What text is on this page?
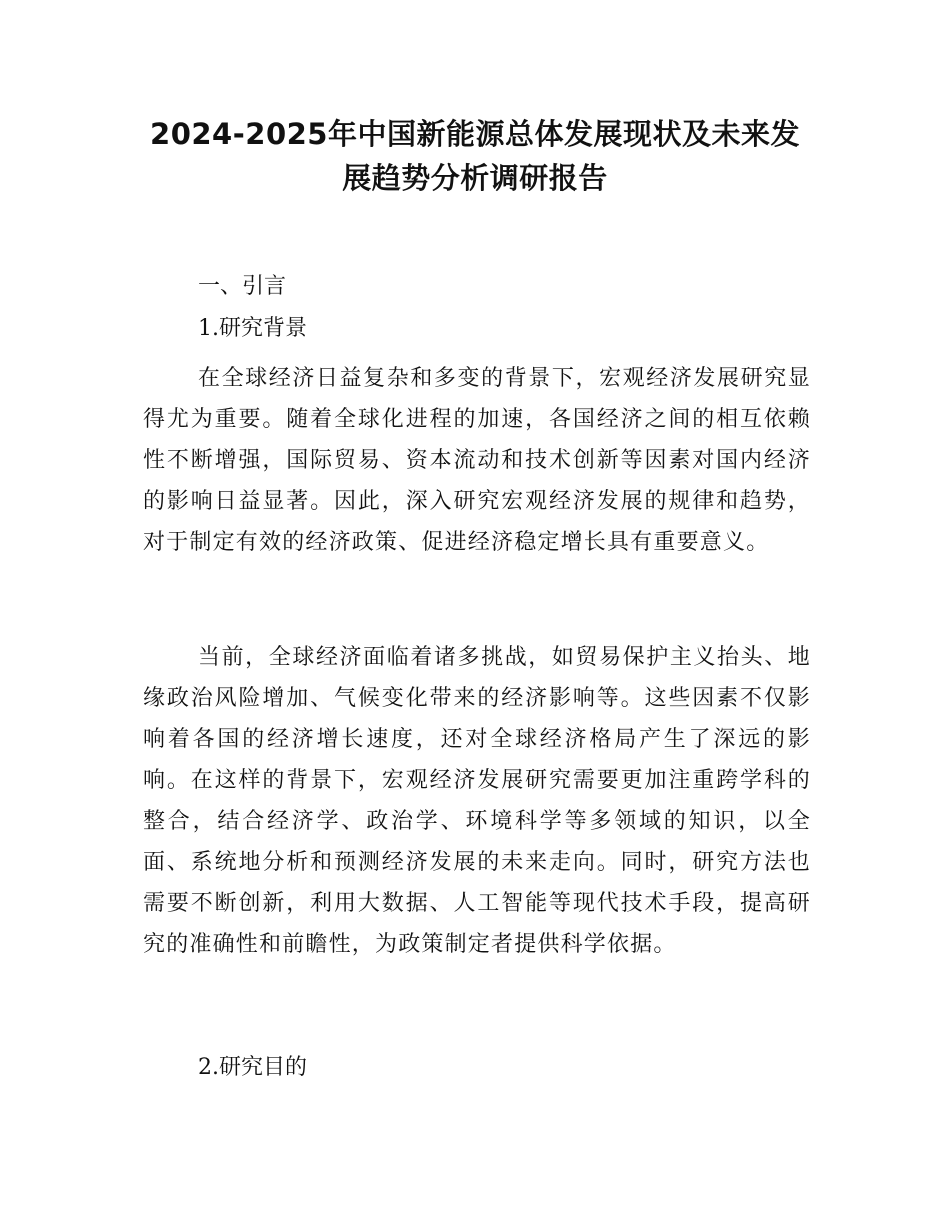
2024-2025年中国新能源总体发展现状及未来发
展趋势分析调研报告
一、引言
1.研究背景

在全球经济日益复杂和多变的背景下，宏观经济发展研究显得尤为重要。随着全球化进程的加速，各国经济之间的相互依赖性不断增强，国际贸易、资本流动和技术创新等因素对国内经济的影响日益显著。因此，深入研究宏观经济发展的规律和趋势，对于制定有效的经济政策、促进经济稳定增长具有重要意义。

当前，全球经济面临着诸多挑战，如贸易保护主义抬头、地缘政治风险增加、气候变化带来的经济影响等。这些因素不仅影响着各国的经济增长速度，还对全球经济格局产生了深远的影响。在这样的背景下，宏观经济发展研究需要更加注重跨学科的整合，结合经济学、政治学、环境科学等多领域的知识，以全面、系统地分析和预测经济发展的未来走向。同时，研究方法也需要不断创新，利用大数据、人工智能等现代技术手段，提高研究的准确性和前瞻性，为政策制定者提供科学依据。

2.研究目的
